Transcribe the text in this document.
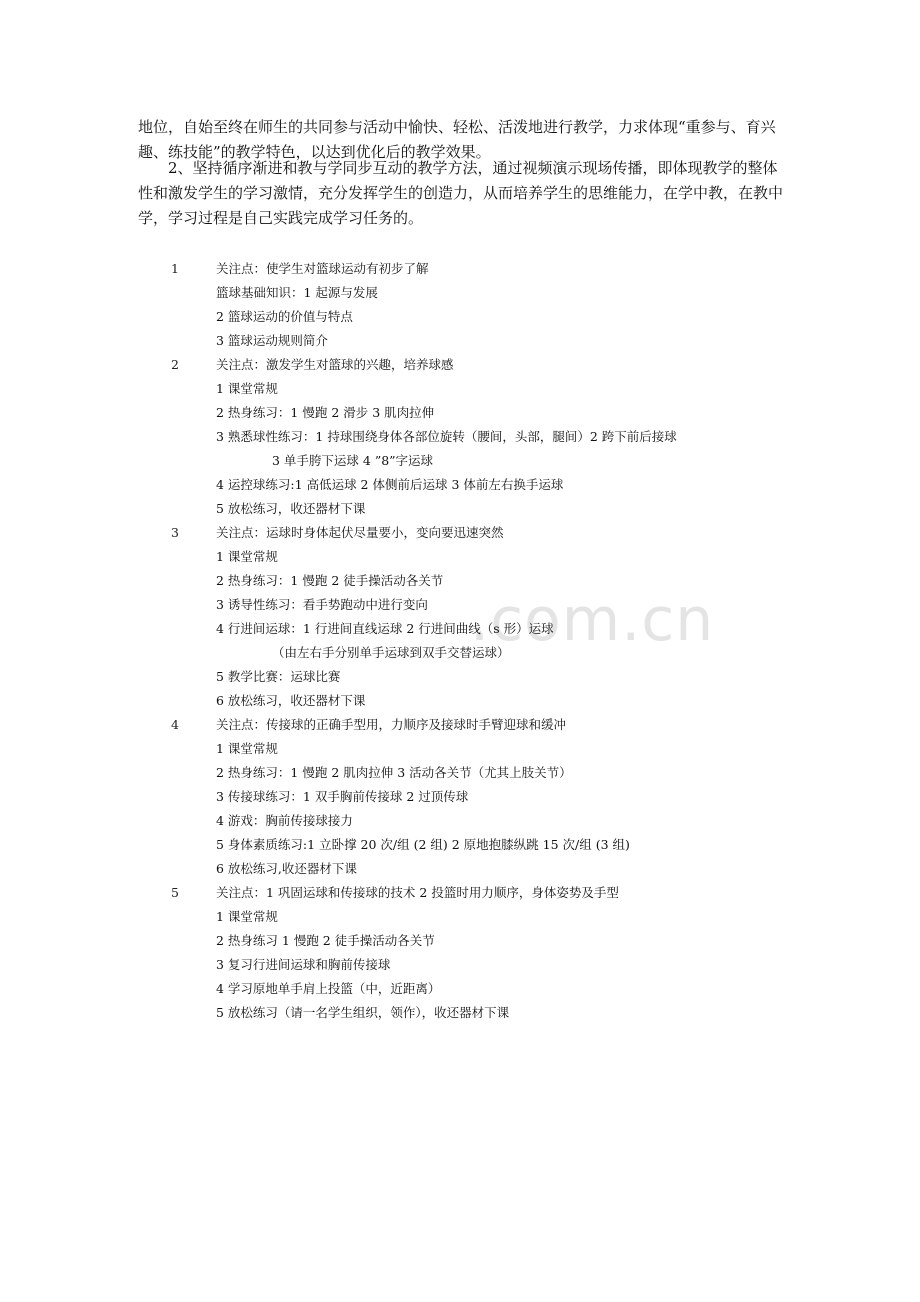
.com.cn

地位，自始至终在师生的共同参与活动中愉快、轻松、活泼地进行教学，力求体现“重参与、育兴趣、练技能”的教学特色，以达到优化后的教学效果。

2、坚持循序渐进和教与学同步互动的教学方法，通过视频演示现场传播，即体现教学的整体性和激发学生的学习激情，充分发挥学生的创造力，从而培养学生的思维能力，在学中教，在教中学，学习过程是自己实践完成学习任务的。

1	关注点：使学生对篮球运动有初步了解
篮球基础知识：1 起源与发展
2 篮球运动的价值与特点
3 篮球运动规则简介
2	关注点：激发学生对篮球的兴趣，培养球感
1 课堂常规
2 热身练习：1 慢跑 2 滑步 3 肌肉拉伸
3 熟悉球性练习：1 持球围绕身体各部位旋转（腰间，头部，腿间）2 跨下前后接球
3 单手胯下运球 4 ”8”字运球
4 运控球练习:1 高低运球 2 体侧前后运球 3 体前左右换手运球
5 放松练习，收还器材下课
3	关注点：运球时身体起伏尽量要小，变向要迅速突然
1 课堂常规
2 热身练习：1 慢跑 2 徒手操活动各关节
3 诱导性练习：看手势跑动中进行变向
4 行进间运球：1 行进间直线运球 2 行进间曲线（s 形）运球
（由左右手分别单手运球到双手交替运球）
5 教学比赛：运球比赛
6 放松练习，收还器材下课
4	关注点：传接球的正确手型用，力顺序及接球时手臂迎球和缓冲
1 课堂常规
2 热身练习：1 慢跑 2 肌肉拉伸 3 活动各关节（尤其上肢关节）
3 传接球练习：1 双手胸前传接球 2 过顶传球
4 游戏：胸前传接球接力
5 身体素质练习:1 立卧撑 20 次/组 (2 组) 2 原地抱膝纵跳 15 次/组 (3 组)
6 放松练习,收还器材下课
5	关注点：1 巩固运球和传接球的技术 2 投篮时用力顺序，身体姿势及手型
1 课堂常规
2 热身练习 1 慢跑 2 徒手操活动各关节
3 复习行进间运球和胸前传接球
4 学习原地单手肩上投篮（中，近距离）
5 放松练习（请一名学生组织，领作），收还器材下课
